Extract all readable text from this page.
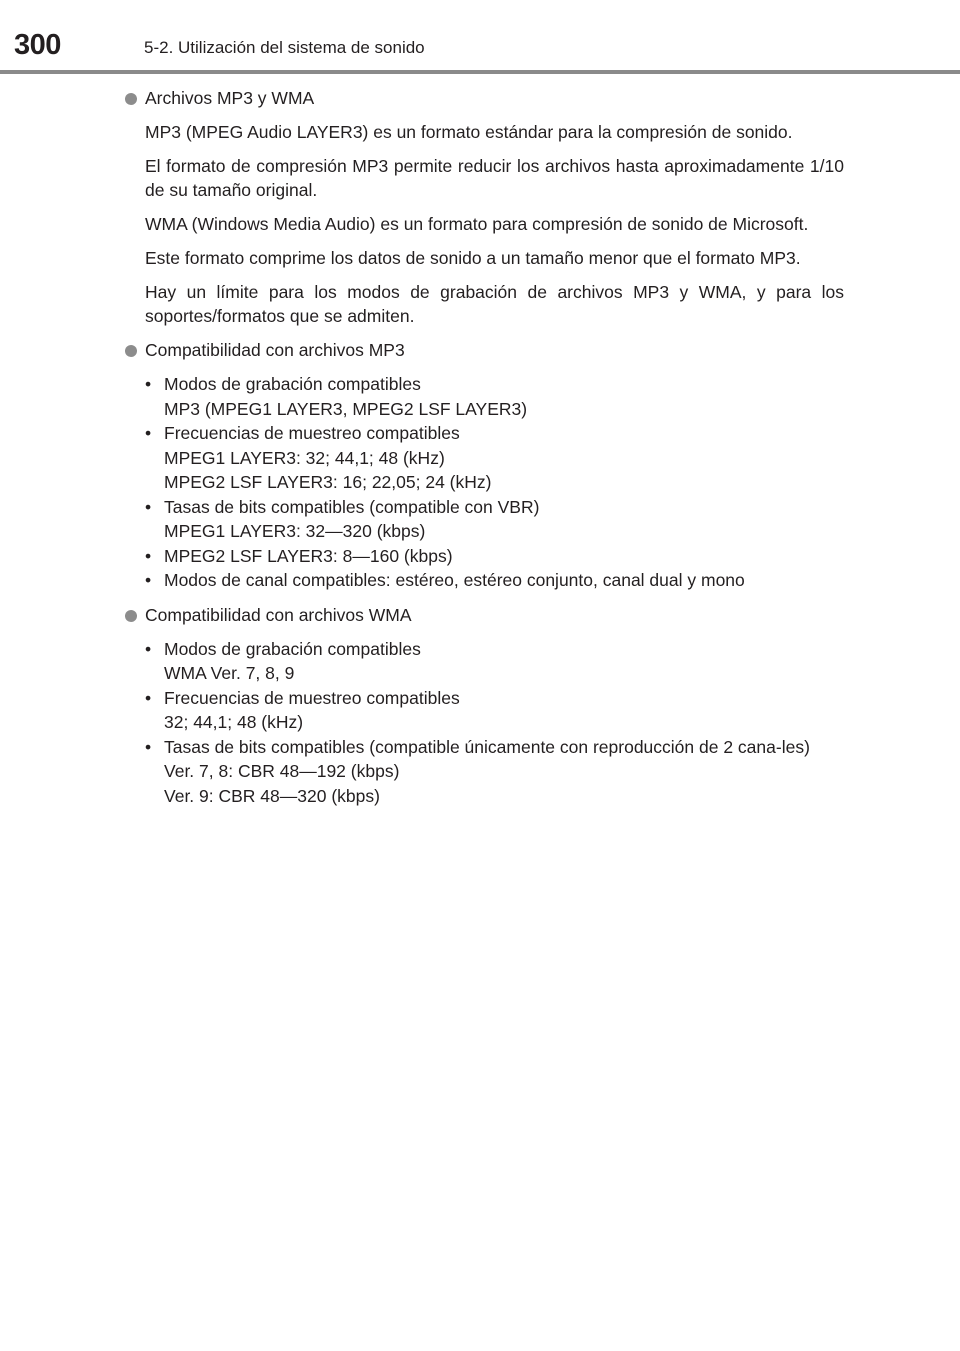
300	5-2. Utilización del sistema de sonido
Archivos MP3 y WMA
MP3 (MPEG Audio LAYER3) es un formato estándar para la compresión de sonido.
El formato de compresión MP3 permite reducir los archivos hasta aproximadamente 1/10 de su tamaño original.
WMA (Windows Media Audio) es un formato para compresión de sonido de Microsoft.
Este formato comprime los datos de sonido a un tamaño menor que el formato MP3.
Hay un límite para los modos de grabación de archivos MP3 y WMA, y para los soportes/formatos que se admiten.
Compatibilidad con archivos MP3
• Modos de grabación compatibles
MP3 (MPEG1 LAYER3, MPEG2 LSF LAYER3)
• Frecuencias de muestreo compatibles
MPEG1 LAYER3: 32; 44,1; 48 (kHz)
MPEG2 LSF LAYER3: 16; 22,05; 24 (kHz)
• Tasas de bits compatibles (compatible con VBR)
MPEG1 LAYER3: 32—320 (kbps)
• MPEG2 LSF LAYER3: 8—160 (kbps)
• Modos de canal compatibles: estéreo, estéreo conjunto, canal dual y mono
Compatibilidad con archivos WMA
• Modos de grabación compatibles
WMA Ver. 7, 8, 9
• Frecuencias de muestreo compatibles
32; 44,1; 48 (kHz)
• Tasas de bits compatibles (compatible únicamente con reproducción de 2 cana-les)
Ver. 7, 8: CBR 48—192 (kbps)
Ver. 9: CBR 48—320 (kbps)
